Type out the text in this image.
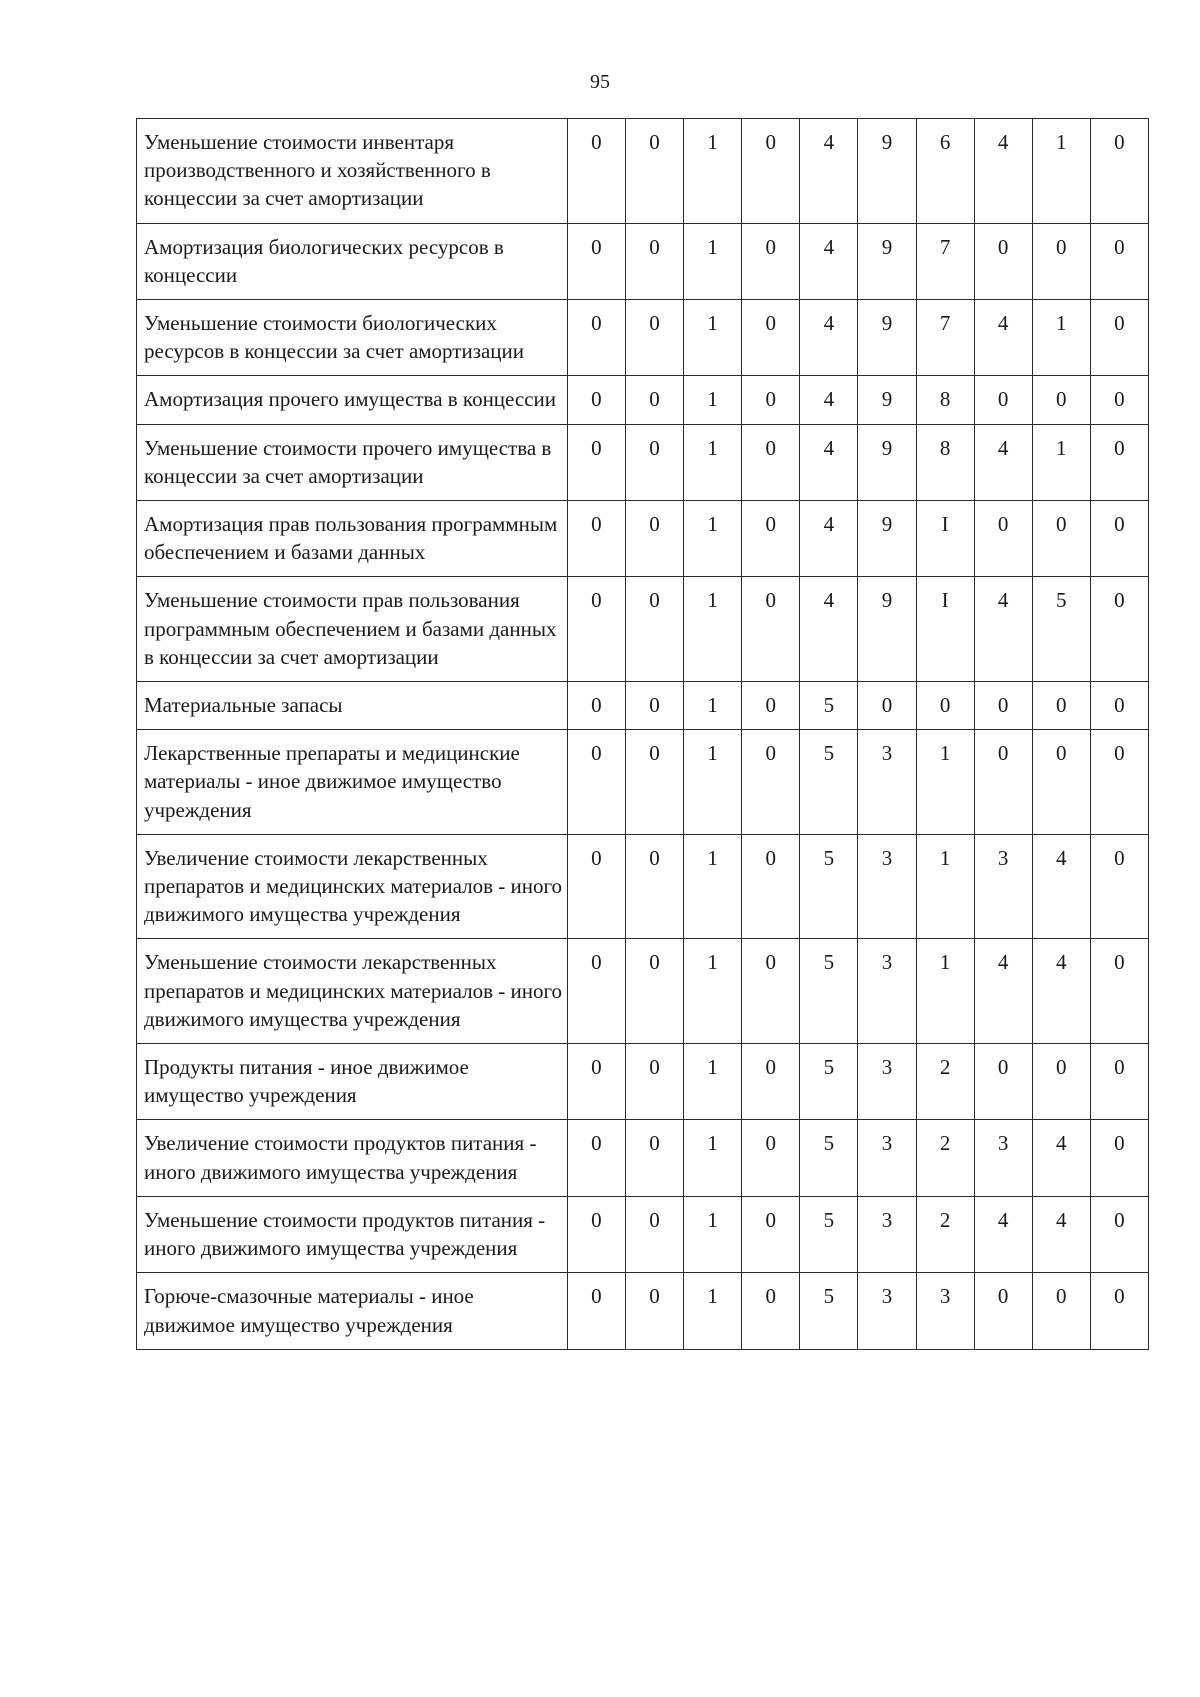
95
Уменьшение стоимости инвентаря производственного и хозяйственного в концессии за счет амортизации	0	0	1	0	4	9	6	4	1	0
Амортизация биологических ресурсов в концессии	0	0	1	0	4	9	7	0	0	0
Уменьшение стоимости биологических ресурсов в концессии за счет амортизации	0	0	1	0	4	9	7	4	1	0
Амортизация прочего имущества в концессии	0	0	1	0	4	9	8	0	0	0
Уменьшение стоимости прочего имущества в концессии за счет амортизации	0	0	1	0	4	9	8	4	1	0
Амортизация прав пользования программным обеспечением и базами данных	0	0	1	0	4	9	I	0	0	0
Уменьшение стоимости прав пользования программным обеспечением и базами данных в концессии за счет амортизации	0	0	1	0	4	9	I	4	5	0
Материальные запасы	0	0	1	0	5	0	0	0	0	0
Лекарственные препараты и медицинские материалы - иное движимое имущество учреждения	0	0	1	0	5	3	1	0	0	0
Увеличение стоимости лекарственных препаратов и медицинских материалов - иного движимого имущества учреждения	0	0	1	0	5	3	1	3	4	0
Уменьшение стоимости лекарственных препаратов и медицинских материалов - иного движимого имущества учреждения	0	0	1	0	5	3	1	4	4	0
Продукты питания - иное движимое имущество учреждения	0	0	1	0	5	3	2	0	0	0
Увеличение стоимости продуктов питания - иного движимого имущества учреждения	0	0	1	0	5	3	2	3	4	0
Уменьшение стоимости продуктов питания - иного движимого имущества учреждения	0	0	1	0	5	3	2	4	4	0
Горюче-смазочные материалы - иное движимое имущество учреждения	0	0	1	0	5	3	3	0	0	0
